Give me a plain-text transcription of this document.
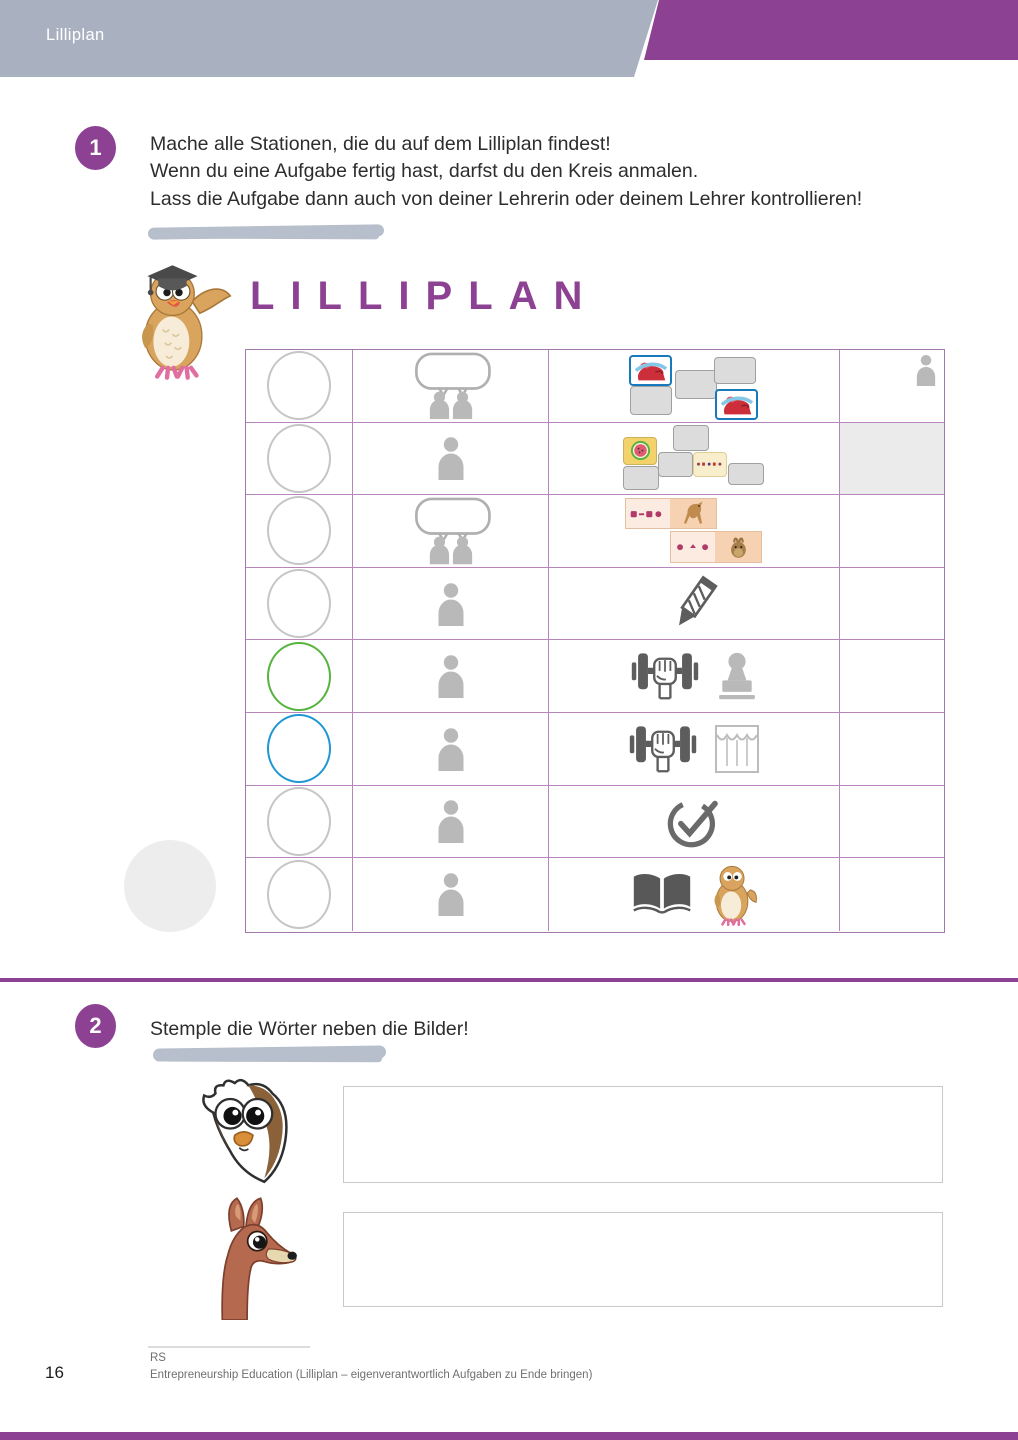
Lilliplan
1 Mache alle Stationen, die du auf dem Lilliplan findest!
Wenn du eine Aufgabe fertig hast, darfst du den Kreis anmalen.
Lass die Aufgabe dann auch von deiner Lehrerin oder deinem Lehrer kontrollieren!
LILLIPLAN
2 Stemple die Wörter neben die Bilder!
RS
Entrepreneurship Education (Lilliplan – eigenverantwortlich Aufgaben zu Ende bringen)
16
